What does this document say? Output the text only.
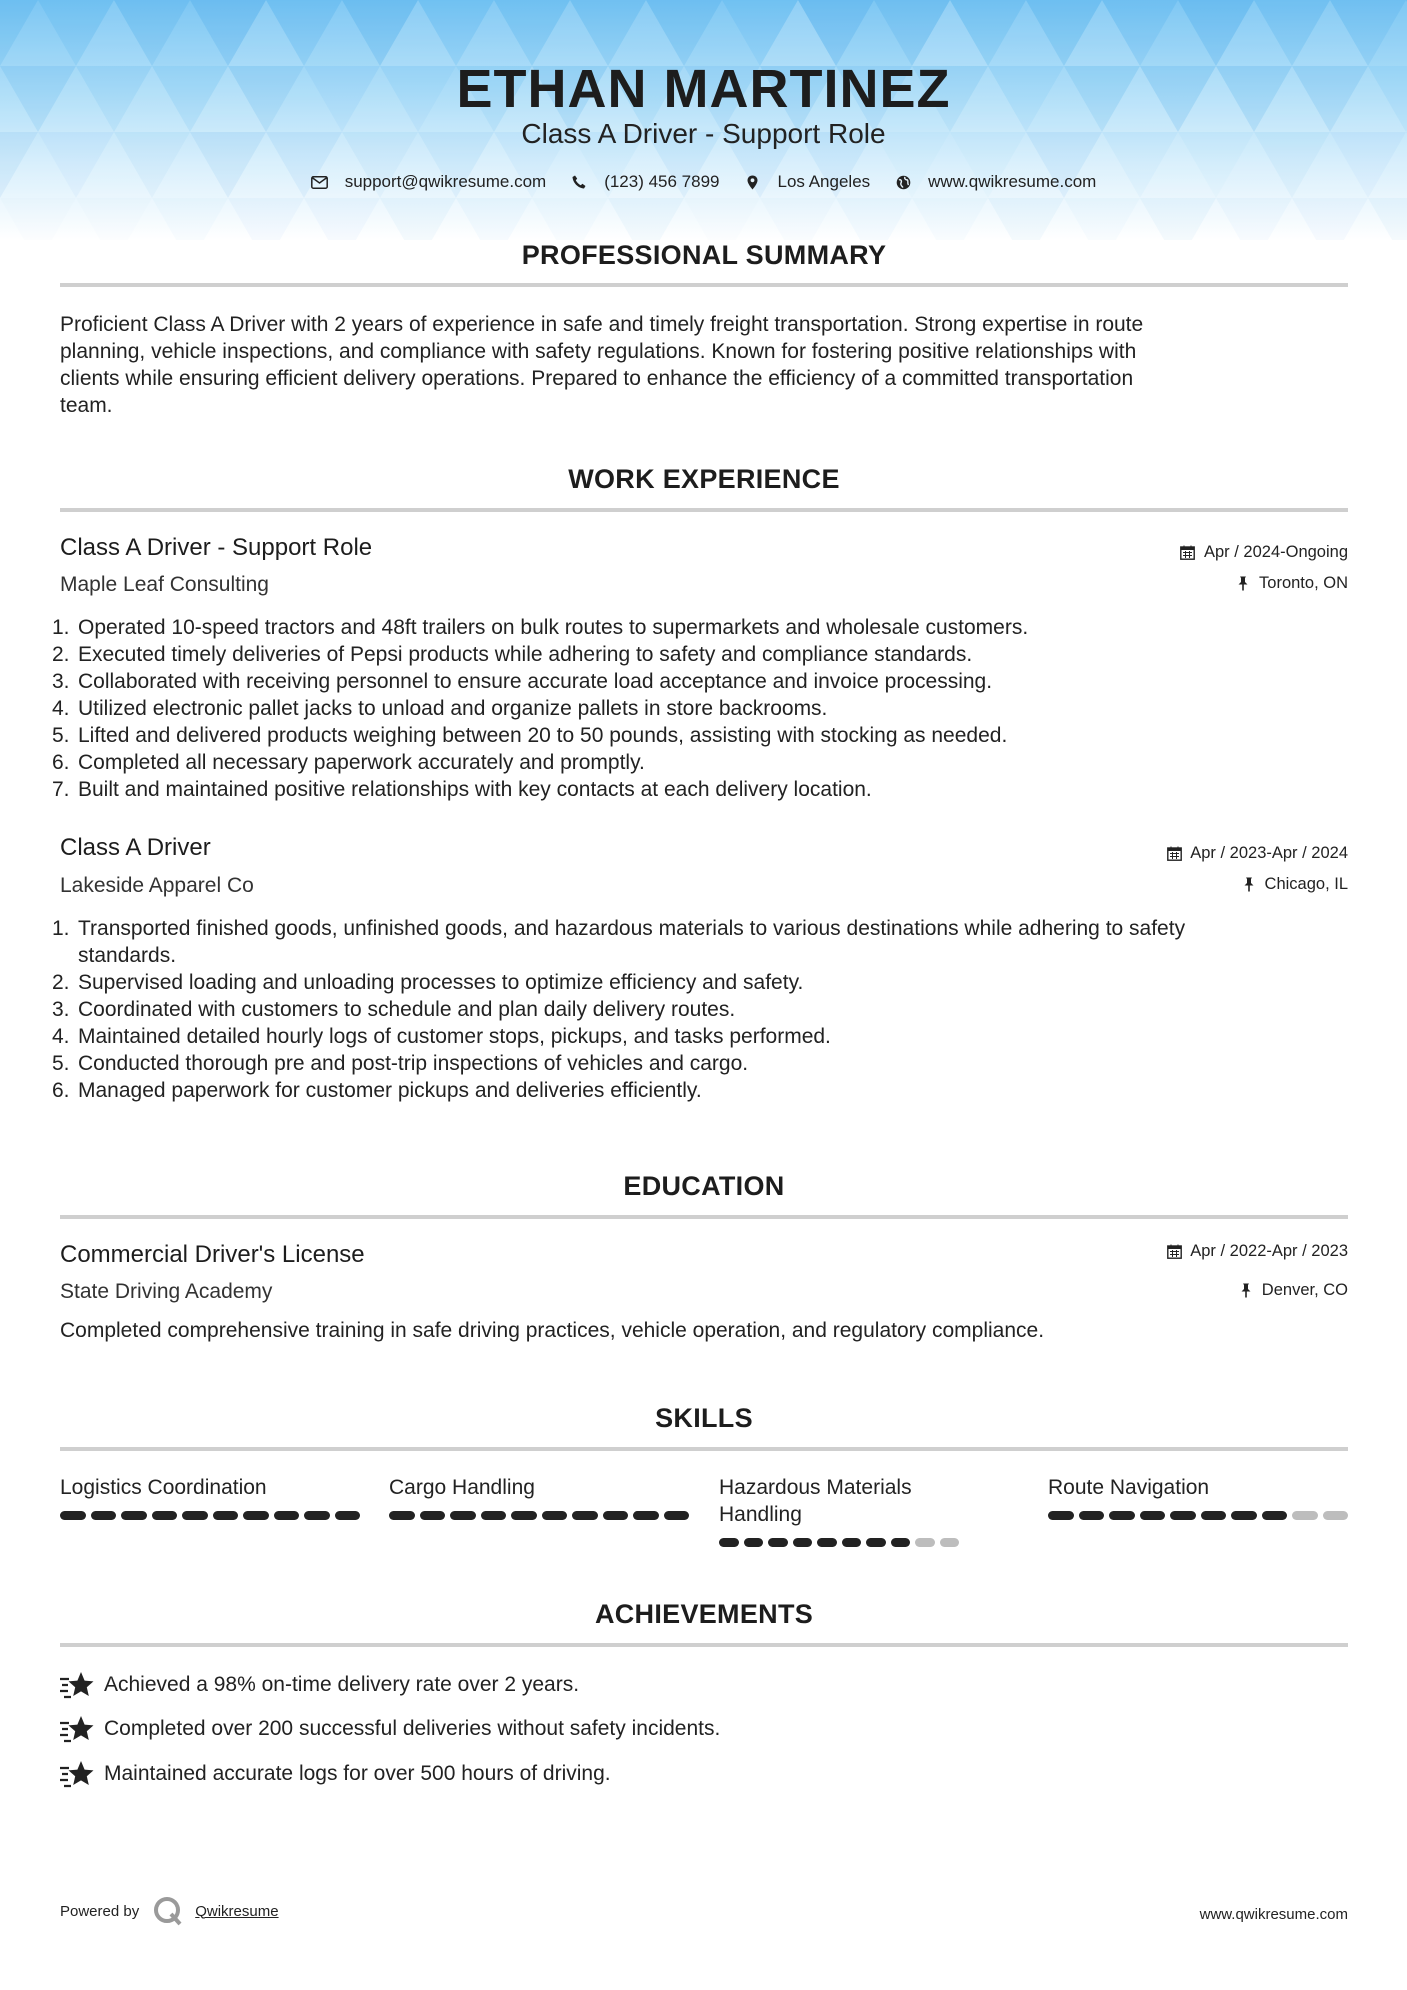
ETHAN MARTINEZ
Class A Driver - Support Role
support@qwikresume.com	(123) 456 7899	Los Angeles	www.qwikresume.com
PROFESSIONAL SUMMARY
Proficient Class A Driver with 2 years of experience in safe and timely freight transportation. Strong expertise in route
planning, vehicle inspections, and compliance with safety regulations. Known for fostering positive relationships with
clients while ensuring efficient delivery operations. Prepared to enhance the efficiency of a committed transportation
team.
WORK EXPERIENCE
Class A Driver - Support Role
Maple Leaf Consulting
Apr / 2024-Ongoing
Toronto, ON
1. Operated 10-speed tractors and 48ft trailers on bulk routes to supermarkets and wholesale customers.
2. Executed timely deliveries of Pepsi products while adhering to safety and compliance standards.
3. Collaborated with receiving personnel to ensure accurate load acceptance and invoice processing.
4. Utilized electronic pallet jacks to unload and organize pallets in store backrooms.
5. Lifted and delivered products weighing between 20 to 50 pounds, assisting with stocking as needed.
6. Completed all necessary paperwork accurately and promptly.
7. Built and maintained positive relationships with key contacts at each delivery location.
Class A Driver
Lakeside Apparel Co
Apr / 2023-Apr / 2024
Chicago, IL
1. Transported finished goods, unfinished goods, and hazardous materials to various destinations while adhering to safety
standards.
2. Supervised loading and unloading processes to optimize efficiency and safety.
3. Coordinated with customers to schedule and plan daily delivery routes.
4. Maintained detailed hourly logs of customer stops, pickups, and tasks performed.
5. Conducted thorough pre and post-trip inspections of vehicles and cargo.
6. Managed paperwork for customer pickups and deliveries efficiently.
EDUCATION
Commercial Driver's License
State Driving Academy
Apr / 2022-Apr / 2023
Denver, CO
Completed comprehensive training in safe driving practices, vehicle operation, and regulatory compliance.
SKILLS
Logistics Coordination	Cargo Handling	Hazardous Materials Handling
Route Navigation
ACHIEVEMENTS
Achieved a 98% on-time delivery rate over 2 years.
Completed over 200 successful deliveries without safety incidents.
Maintained accurate logs for over 500 hours of driving.
Powered by	Qwikresume	www.qwikresume.com
